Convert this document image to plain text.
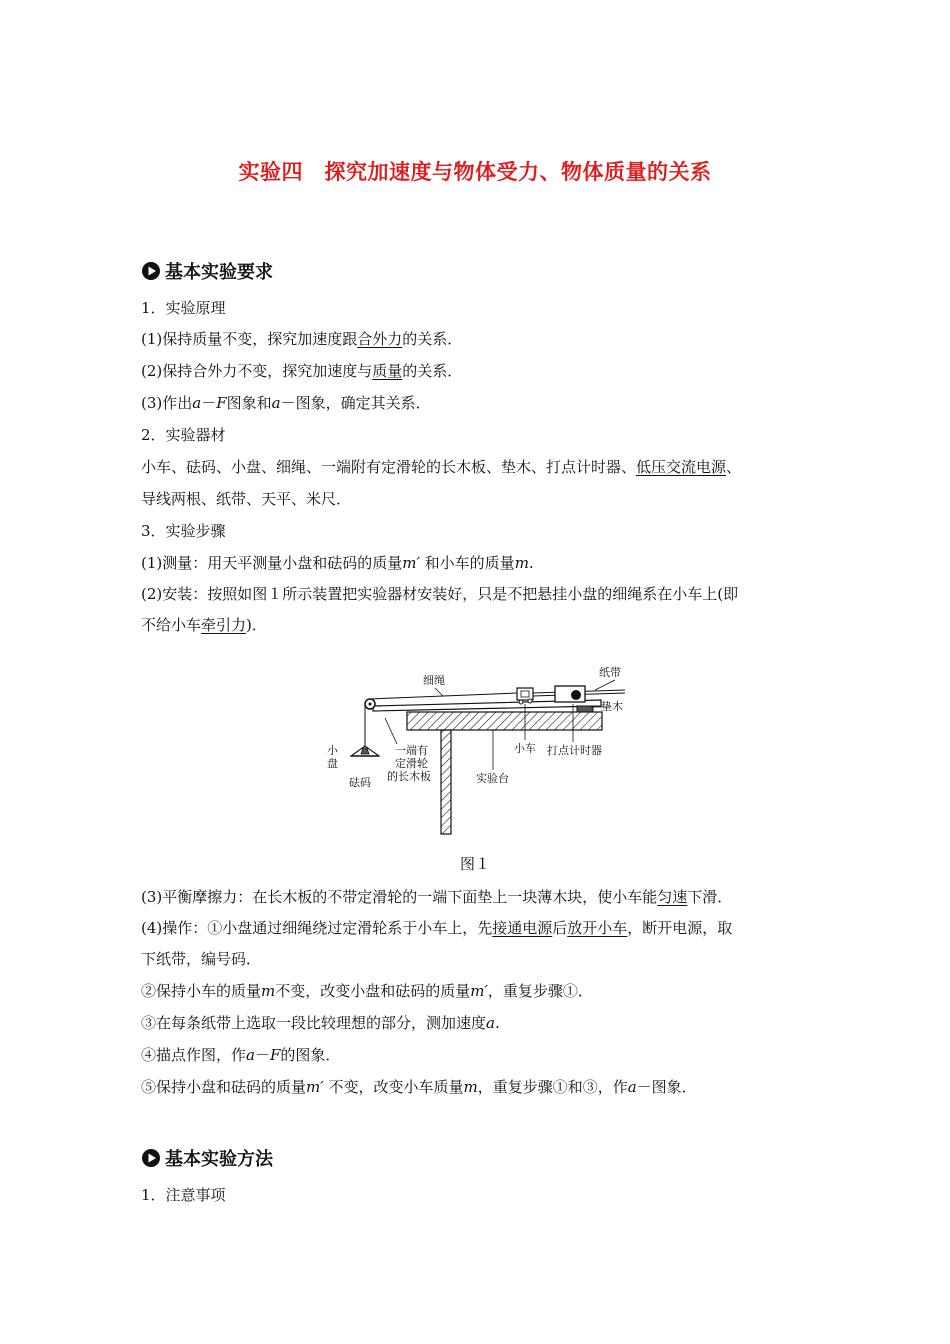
实验四　探究加速度与物体受力、物体质量的关系
基本实验要求
1．实验原理
(1)保持质量不变，探究加速度跟合外力的关系．
(2)保持合外力不变，探究加速度与质量的关系．
(3)作出a－F图象和a－图象，确定其关系．
2．实验器材
小车、砝码、小盘、细绳、一端附有定滑轮的长木板、垫木、打点计时器、低压交流电源、
导线两根、纸带、天平、米尺．
3．实验步骤
(1)测量：用天平测量小盘和砝码的质量m′ 和小车的质量m.
(2)安装：按照如图１所示装置把实验器材安装好，只是不把悬挂小盘的细绳系在小车上(即
不给小车牵引力)．
细绳
纸带
垫木
小
盘
砝码
一端有
定滑轮
的长木板
小车 打点计时器
实验台
图１
(3)平衡摩擦力：在长木板的不带定滑轮的一端下面垫上一块薄木块，使小车能匀速下滑．
(4)操作：①小盘通过细绳绕过定滑轮系于小车上，先接通电源后放开小车，断开电源，取
下纸带，编号码．
②保持小车的质量m不变，改变小盘和砝码的质量m′，重复步骤①．
③在每条纸带上选取一段比较理想的部分，测加速度a.
④描点作图，作a－F的图象．
⑤保持小盘和砝码的质量m′ 不变，改变小车质量m，重复步骤①和③，作a－图象．
基本实验方法
1．注意事项
